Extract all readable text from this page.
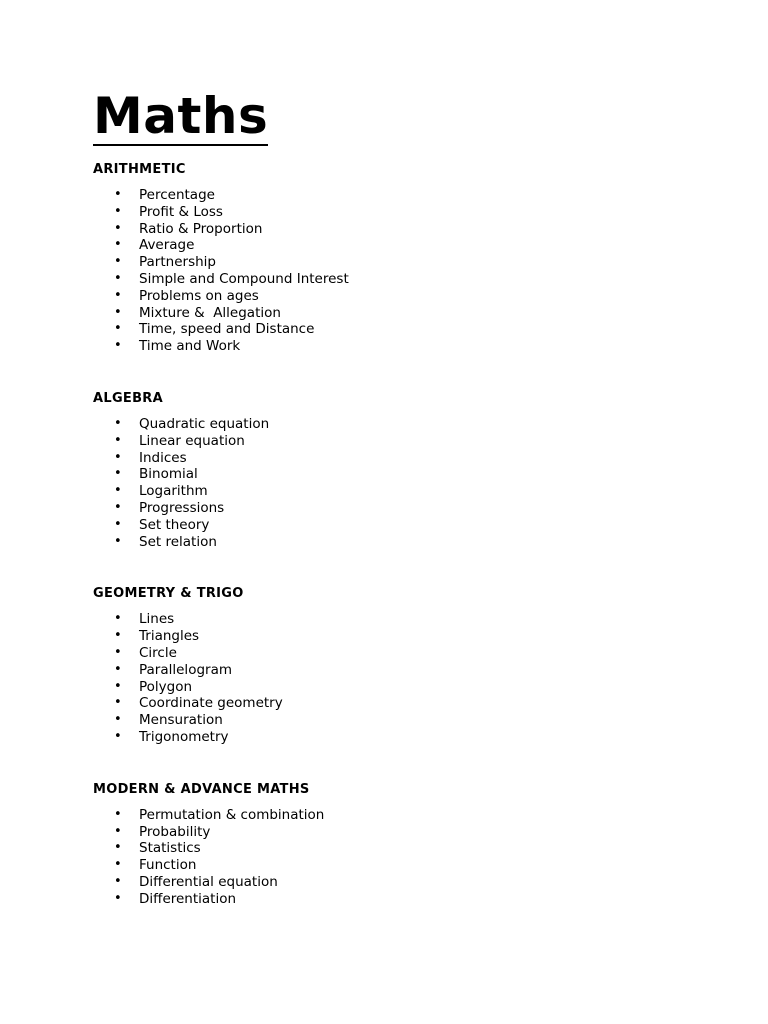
Maths
ARITHMETIC
• Percentage
• Profit & Loss
• Ratio & Proportion
• Average
• Partnership
• Simple and Compound Interest
• Problems on ages
• Mixture &  Allegation
• Time, speed and Distance
• Time and Work
ALGEBRA
• Quadratic equation
• Linear equation
• Indices
• Binomial
• Logarithm
• Progressions
• Set theory
• Set relation
GEOMETRY & TRIGO
• Lines
• Triangles
• Circle
• Parallelogram
• Polygon
• Coordinate geometry
• Mensuration
• Trigonometry
MODERN & ADVANCE MATHS
• Permutation & combination
• Probability
• Statistics
• Function
• Differential equation
• Differentiation
